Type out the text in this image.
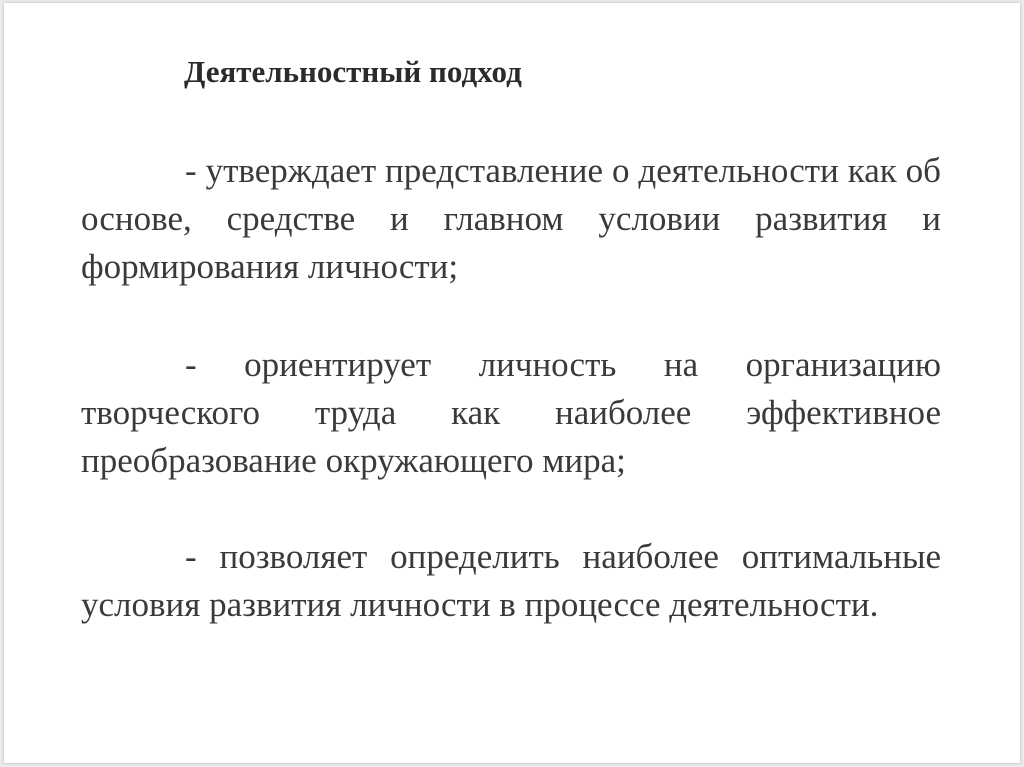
Деятельностный подход

- утверждает представление о деятельности как об основе, средстве и главном условии развития и формирования личности;

- ориентирует личность на организацию творческого труда как наиболее эффективное преобразование окружающего мира;

- позволяет определить наиболее оптимальные условия развития личности в процессе деятельности.
